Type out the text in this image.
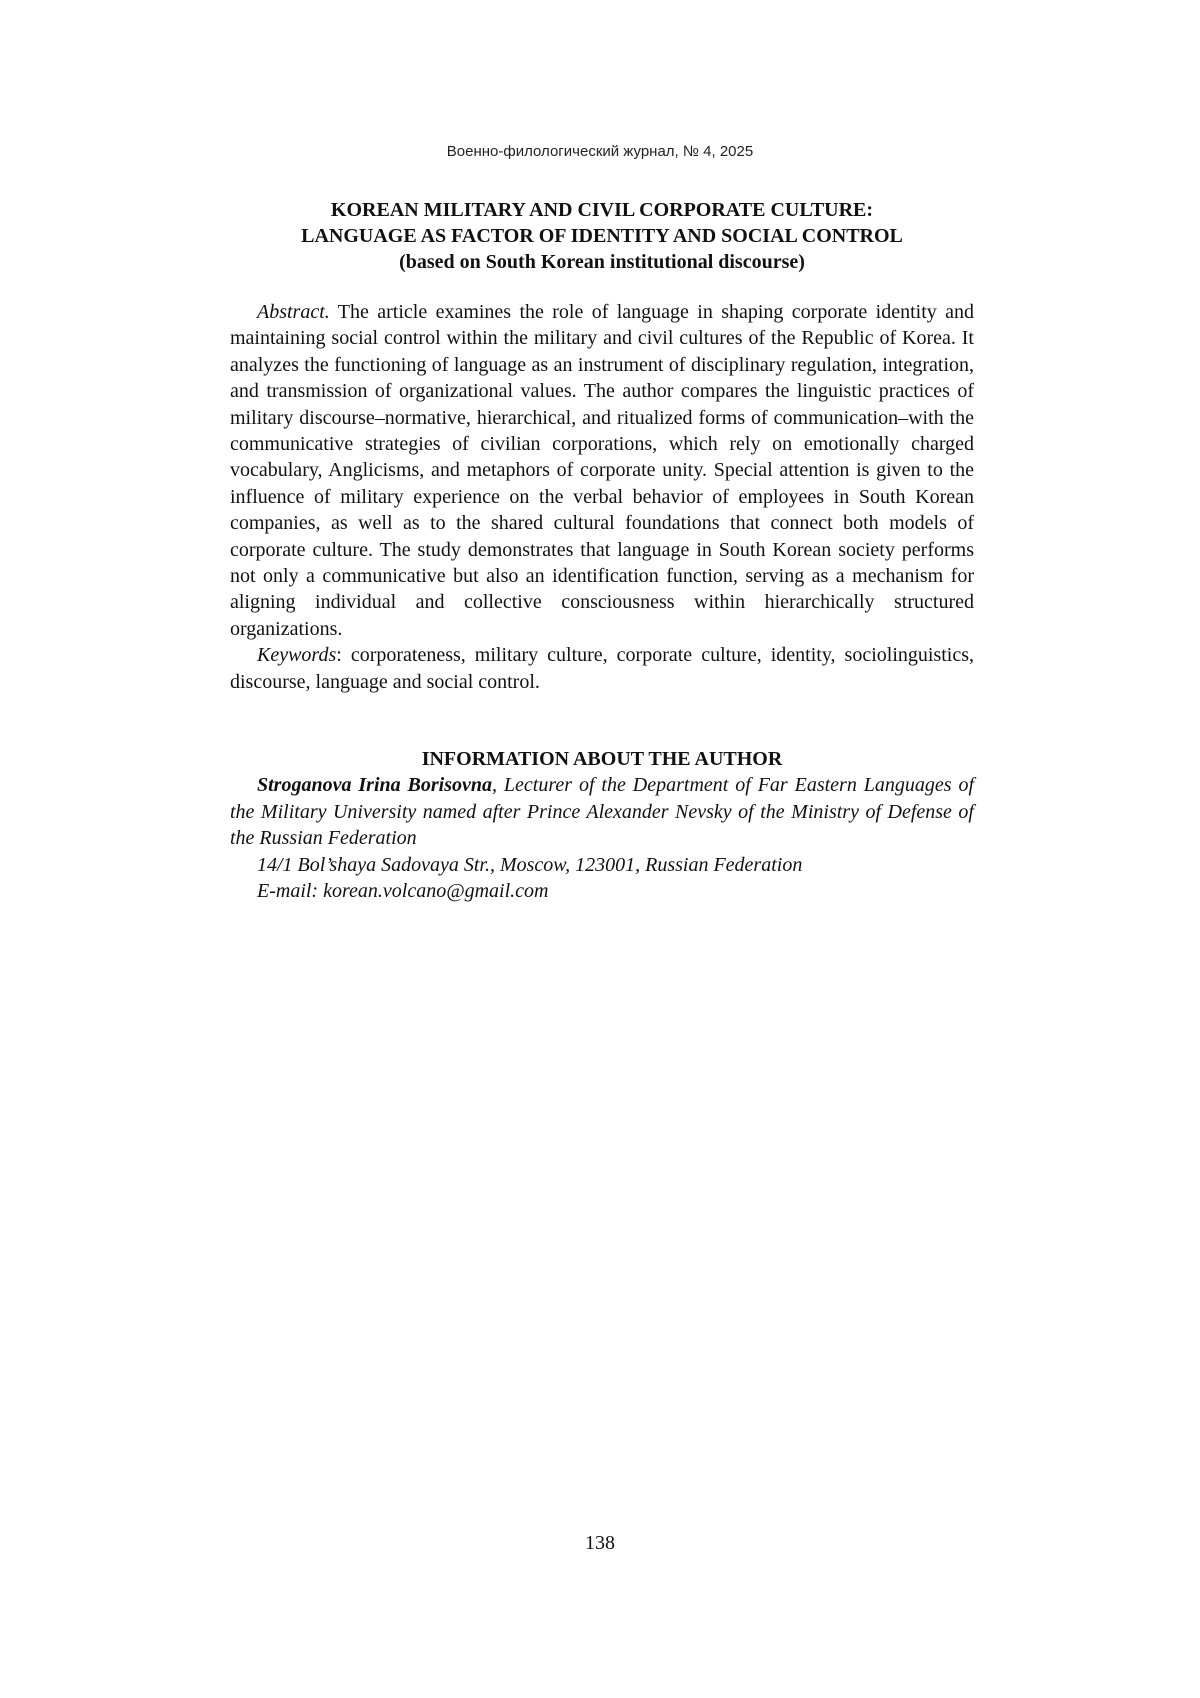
Военно-филологический журнал, № 4, 2025
KOREAN MILITARY AND CIVIL CORPORATE CULTURE:
LANGUAGE AS FACTOR OF IDENTITY AND SOCIAL CONTROL
(based on South Korean institutional discourse)

Abstract. The article examines the role of language in shaping corporate identity and maintaining social control within the military and civil cultures of the Republic of Korea. It analyzes the functioning of language as an instrument of disciplinary regulation, integration, and transmission of organizational values. The author compares the linguistic practices of military discourse–normative, hierarchical, and ritualized forms of communication–with the communicative strategies of civilian corporations, which rely on emotionally charged vocabulary, Anglicisms, and metaphors of corporate unity. Special attention is given to the influence of military experience on the verbal behavior of employees in South Korean companies, as well as to the shared cultural foundations that connect both models of corporate culture. The study demonstrates that language in South Korean society performs not only a communicative but also an identification function, serving as a mechanism for aligning individual and collective consciousness within hierarchically structured organizations.

Keywords: corporateness, military culture, corporate culture, identity, sociolinguistics, discourse, language and social control.

INFORMATION ABOUT THE AUTHOR

Stroganova Irina Borisovna, Lecturer of the Department of Far Eastern Languages of the Military University named after Prince Alexander Nevsky of the Ministry of Defense of the Russian Federation

14/1 Bol’shaya Sadovaya Str., Moscow, 123001, Russian Federation

E-mail: korean.volcano@gmail.com

138
